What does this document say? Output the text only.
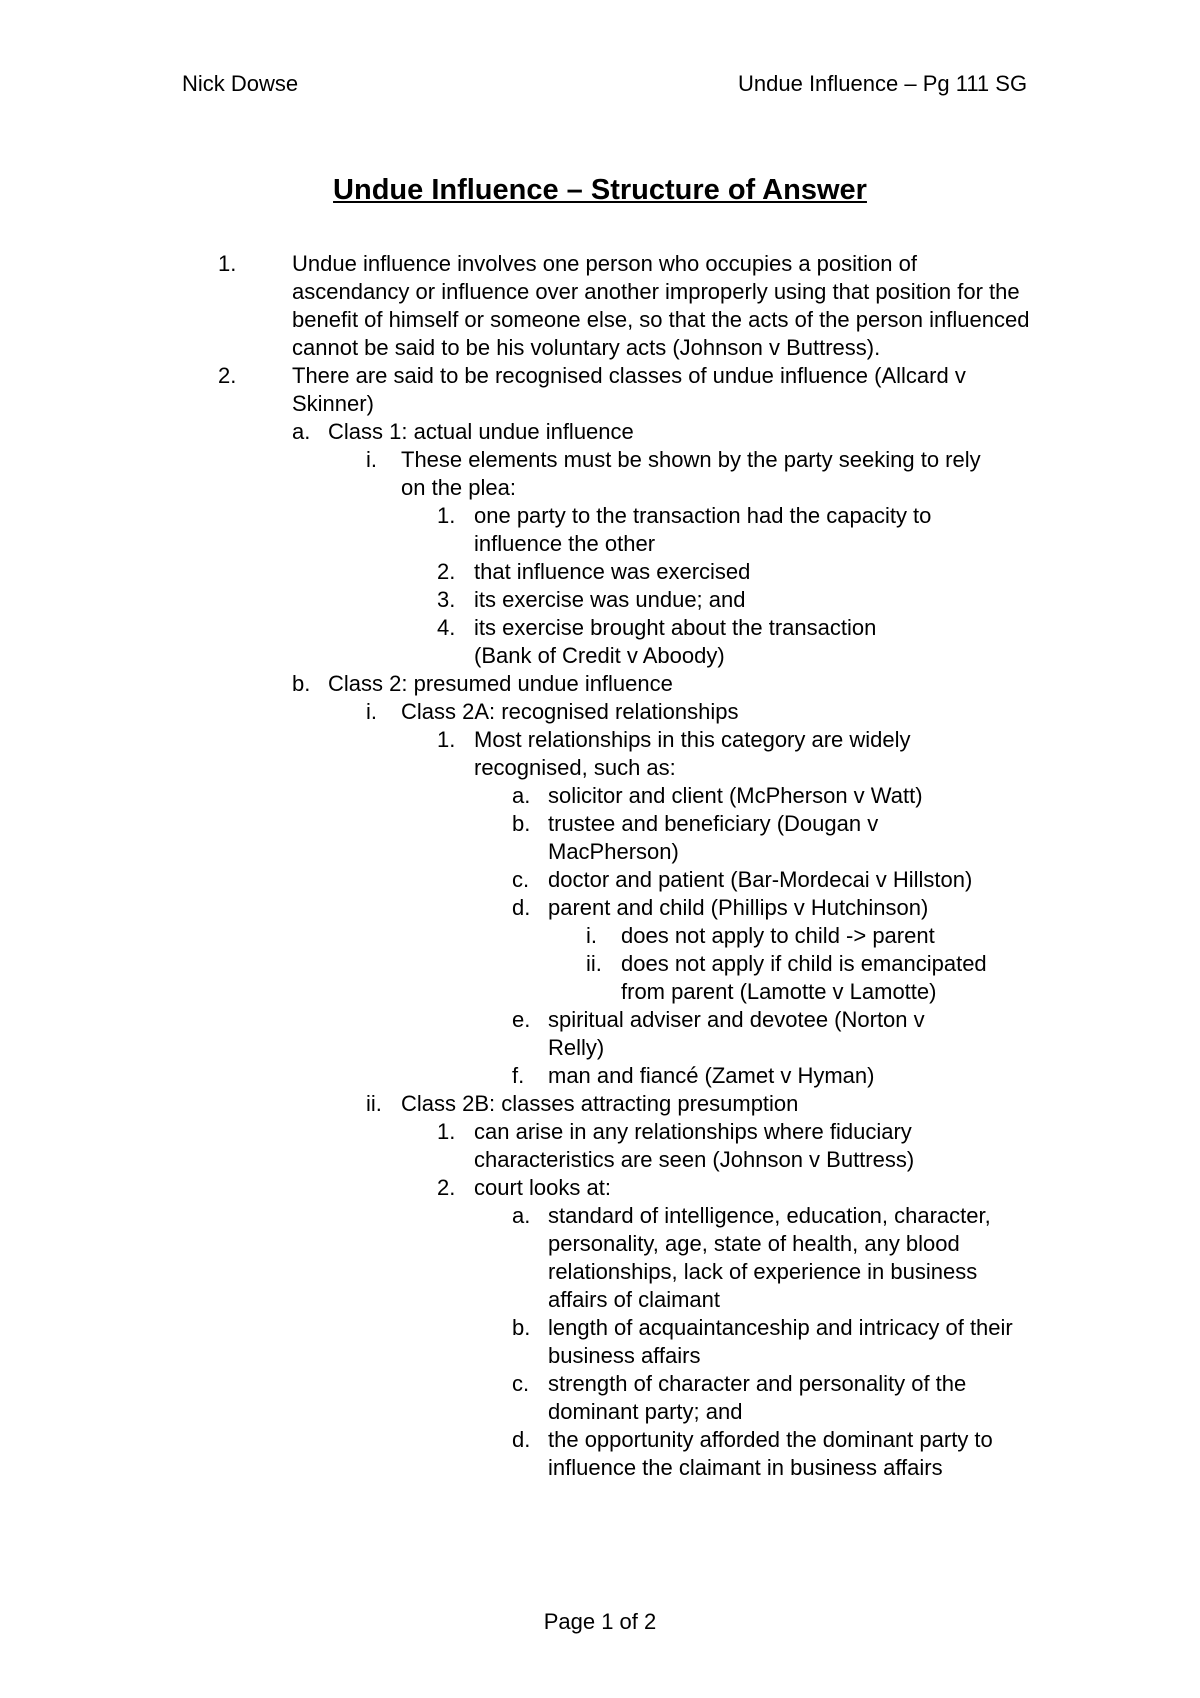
Nick Dowse	Undue Influence – Pg 111 SG
Undue Influence – Structure of Answer
1.	Undue influence involves one person who occupies a position of ascendancy or influence over another improperly using that position for the benefit of himself or someone else, so that the acts of the person influenced cannot be said to be his voluntary acts (Johnson v Buttress).
2.	There are said to be recognised classes of undue influence (Allcard v Skinner)
a. Class 1: actual undue influence
i. These elements must be shown by the party seeking to rely on the plea:
1. one party to the transaction had the capacity to influence the other
2. that influence was exercised
3. its exercise was undue; and
4. its exercise brought about the transaction (Bank of Credit v Aboody)
b. Class 2: presumed undue influence
i. Class 2A: recognised relationships
1. Most relationships in this category are widely recognised, such as:
a. solicitor and client (McPherson v Watt)
b. trustee and beneficiary (Dougan v MacPherson)
c. doctor and patient (Bar-Mordecai v Hillston)
d. parent and child (Phillips v Hutchinson)
i. does not apply to child -> parent
ii. does not apply if child is emancipated from parent (Lamotte v Lamotte)
e. spiritual adviser and devotee (Norton v Relly)
f. man and fiancé (Zamet v Hyman)
ii. Class 2B: classes attracting presumption
1. can arise in any relationships where fiduciary characteristics are seen (Johnson v Buttress)
2. court looks at:
a. standard of intelligence, education, character, personality, age, state of health, any blood relationships, lack of experience in business affairs of claimant
b. length of acquaintanceship and intricacy of their business affairs
c. strength of character and personality of the dominant party; and
d. the opportunity afforded the dominant party to influence the claimant in business affairs
Page 1 of 2
